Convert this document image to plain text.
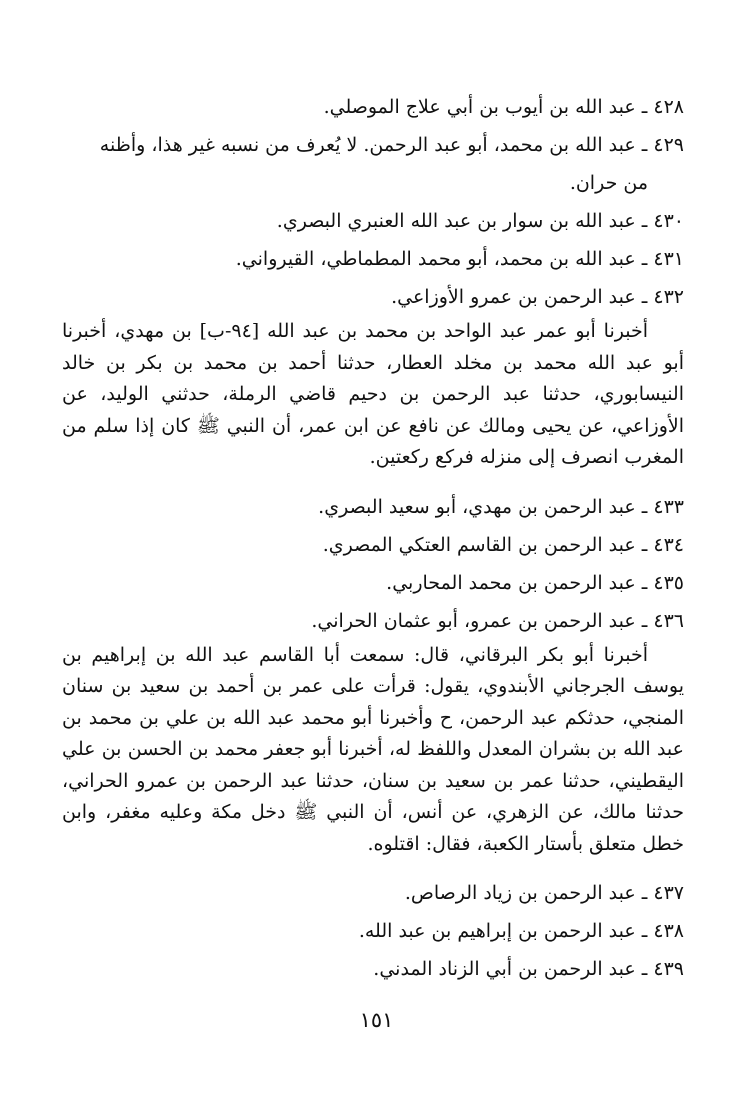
٤٢٨ ـ عبد الله بن أيوب بن أبي علاج الموصلي.
٤٢٩ ـ عبد الله بن محمد، أبو عبد الرحمن. لا يُعرف من نسبه غير هذا، وأظنه
من حران.
٤٣٠ ـ عبد الله بن سوار بن عبد الله العنبري البصري.
٤٣١ ـ عبد الله بن محمد، أبو محمد المطماطي، القيرواني.
٤٣٢ ـ عبد الرحمن بن عمرو الأوزاعي.

أخبرنا أبو عمر عبد الواحد بن محمد بن عبد الله [٩٤-ب] بن مهدي، أخبرنا أبو عبد الله محمد بن مخلد العطار، حدثنا أحمد بن محمد بن بكر بن خالد النيسابوري، حدثنا عبد الرحمن بن دحيم قاضي الرملة، حدثني الوليد، عن الأوزاعي، عن يحيى ومالك عن نافع عن ابن عمر، أن النبي ﷺ كان إذا سلم من المغرب انصرف إلى منزله فركع ركعتين.

٤٣٣ ـ عبد الرحمن بن مهدي، أبو سعيد البصري.
٤٣٤ ـ عبد الرحمن بن القاسم العتكي المصري.
٤٣٥ ـ عبد الرحمن بن محمد المحاربي.
٤٣٦ ـ عبد الرحمن بن عمرو، أبو عثمان الحراني.

أخبرنا أبو بكر البرقاني، قال: سمعت أبا القاسم عبد الله بن إبراهيم بن يوسف الجرجاني الأبندوي، يقول: قرأت على عمر بن أحمد بن سعيد بن سنان المنجي، حدثكم عبد الرحمن، ح وأخبرنا أبو محمد عبد الله بن علي بن محمد بن عبد الله بن بشران المعدل واللفظ له، أخبرنا أبو جعفر محمد بن الحسن بن علي اليقطيني، حدثنا عمر بن سعيد بن سنان، حدثنا عبد الرحمن بن عمرو الحراني، حدثنا مالك، عن الزهري، عن أنس، أن النبي ﷺ دخل مكة وعليه مغفر، وابن خطل متعلق بأستار الكعبة، فقال: اقتلوه.

٤٣٧ ـ عبد الرحمن بن زياد الرصاص.
٤٣٨ ـ عبد الرحمن بن إبراهيم بن عبد الله.
٤٣٩ ـ عبد الرحمن بن أبي الزناد المدني.
١٥١
